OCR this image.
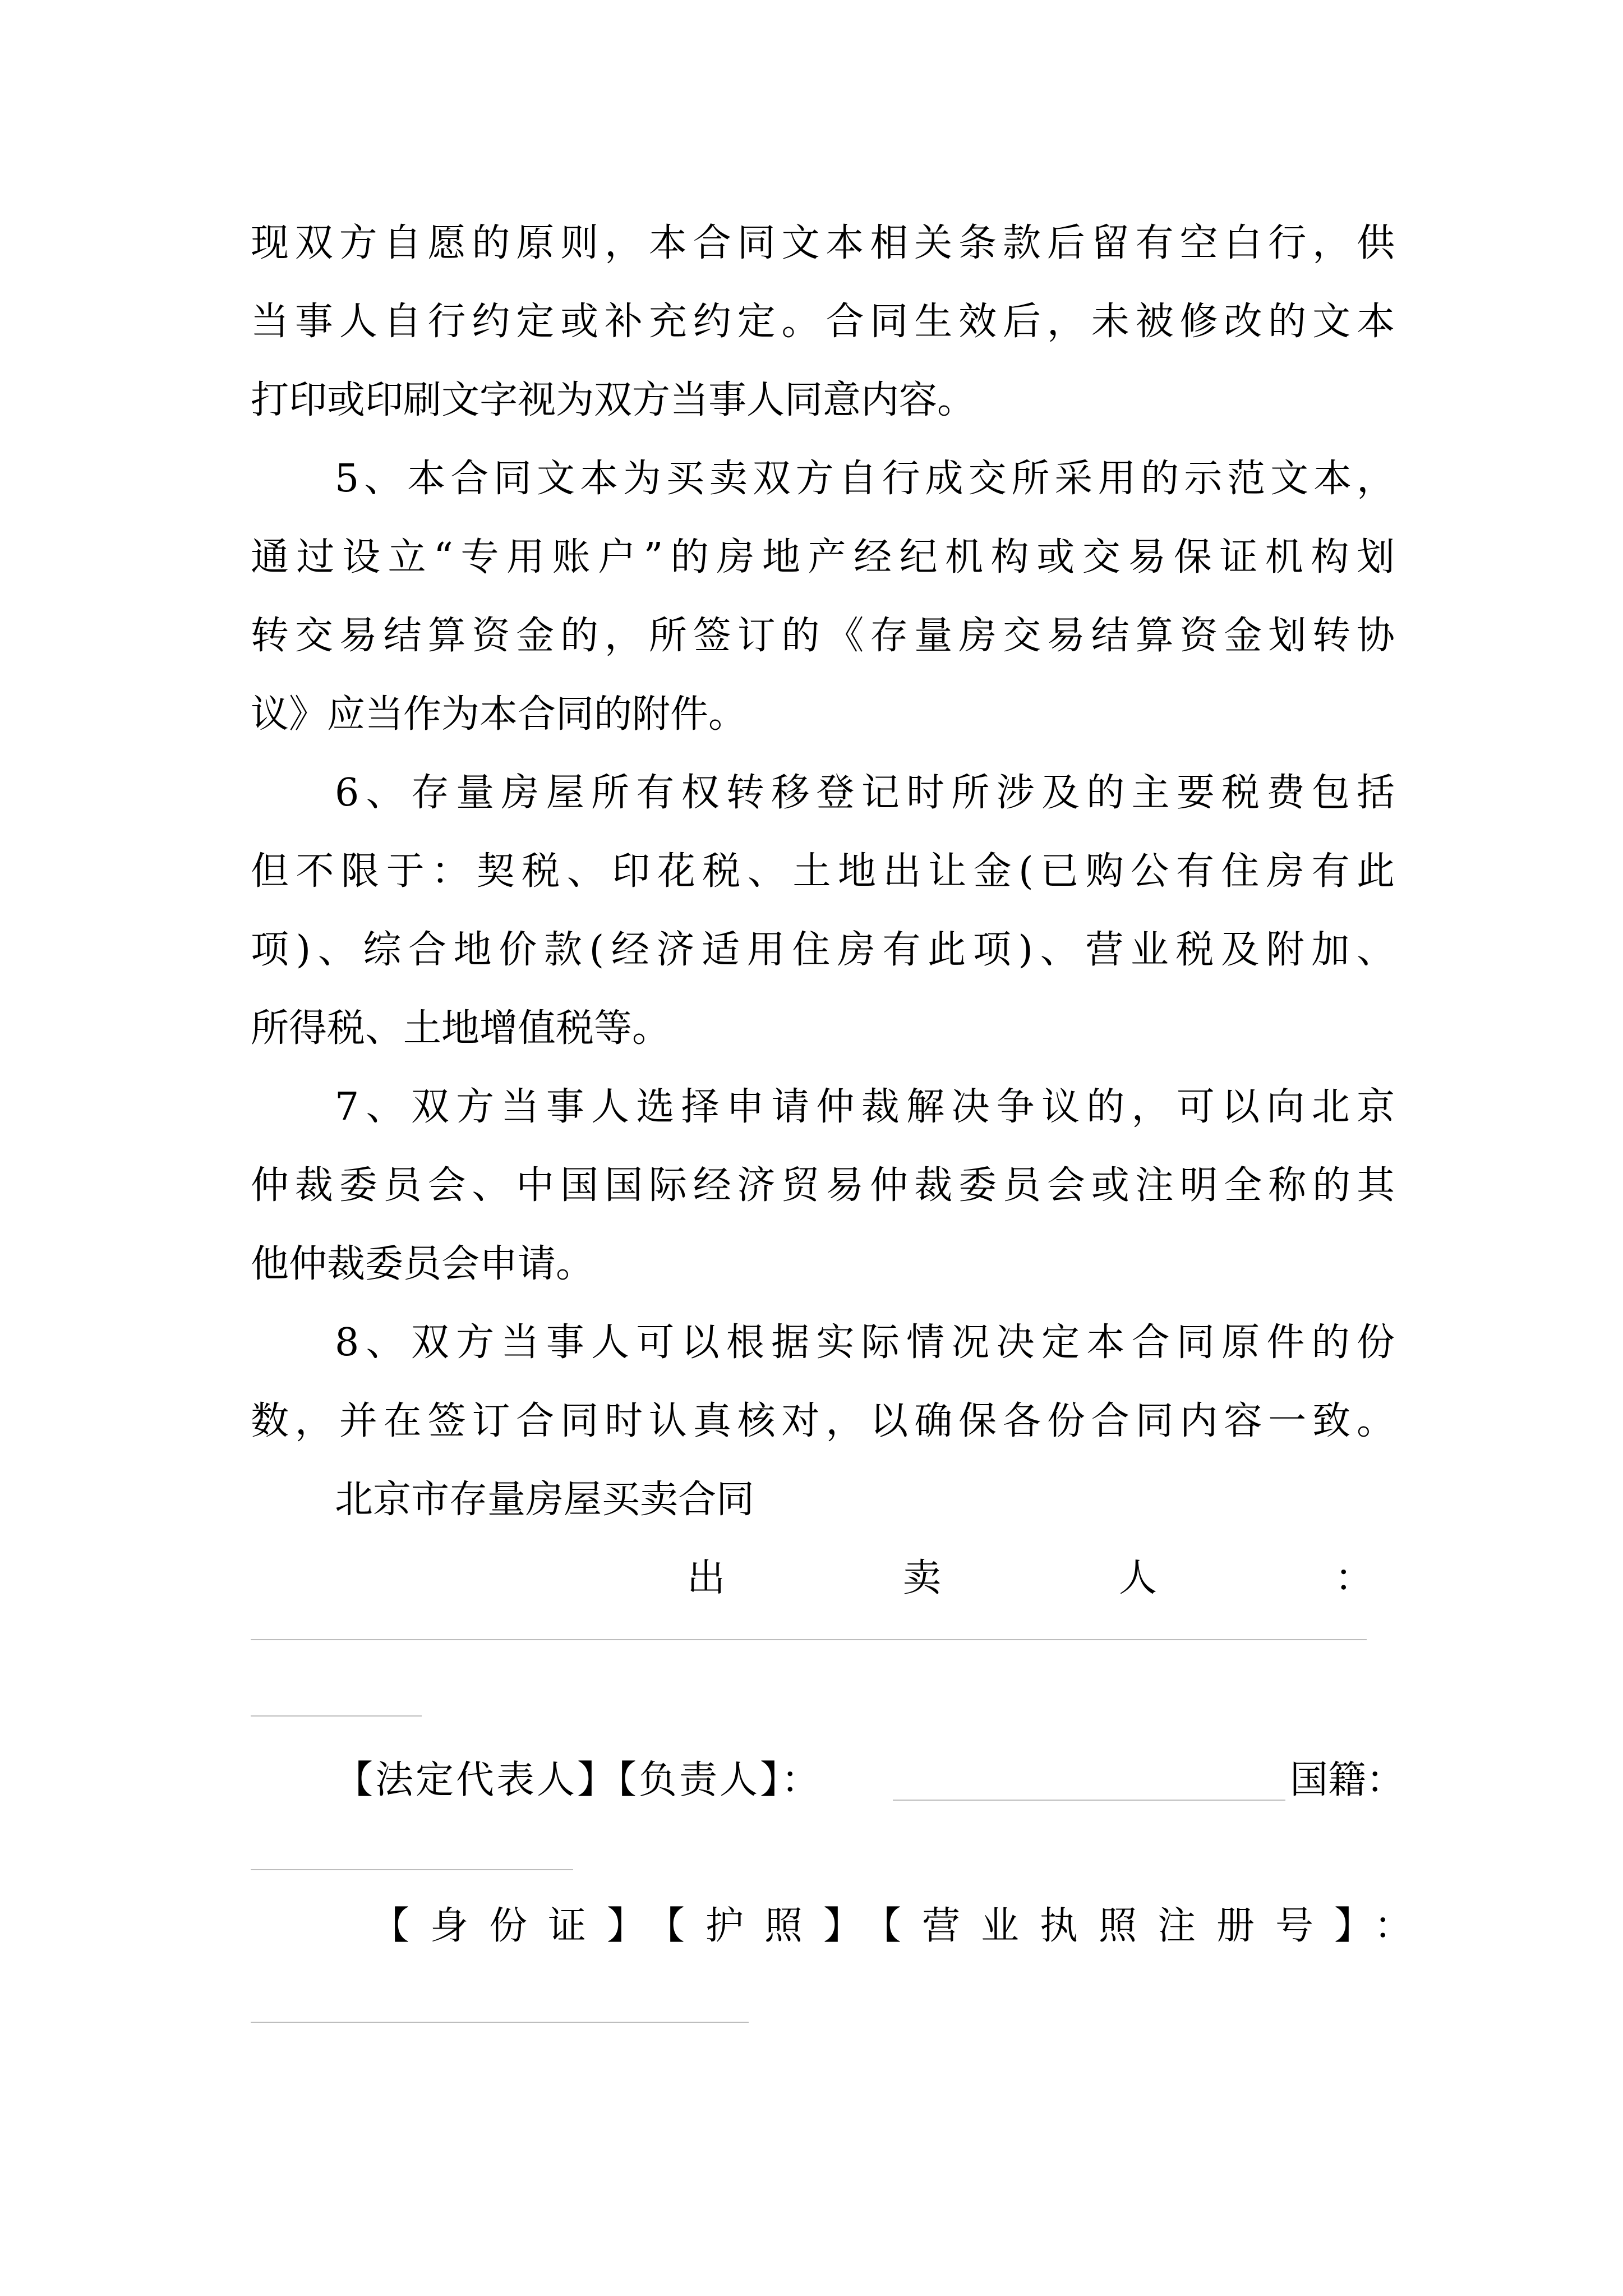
现双方自愿的原则，本合同文本相关条款后留有空白行，供
当事人自行约定或补充约定。合同生效后，未被修改的文本
打印或印刷文字视为双方当事人同意内容。
5、本合同文本为买卖双方自行成交所采用的示范文本，
通过设立“专用账户”的房地产经纪机构或交易保证机构划
转交易结算资金的，所签订的《存量房交易结算资金划转协
议》应当作为本合同的附件。
6、存量房屋所有权转移登记时所涉及的主要税费包括
但不限于：契税、印花税、土地出让金(已购公有住房有此
项)、综合地价款(经济适用住房有此项)、营业税及附加、
所得税、土地增值税等。
7、双方当事人选择申请仲裁解决争议的，可以向北京
仲裁委员会、中国国际经济贸易仲裁委员会或注明全称的其
他仲裁委员会申请。
8、双方当事人可以根据实际情况决定本合同原件的份
数，并在签订合同时认真核对，以确保各份合同内容一致。
北京市存量房屋买卖合同
出	卖	人	：
【法定代表人】【负责人】：	国籍：
【身份证】【护照】【营业执照注册号】：
